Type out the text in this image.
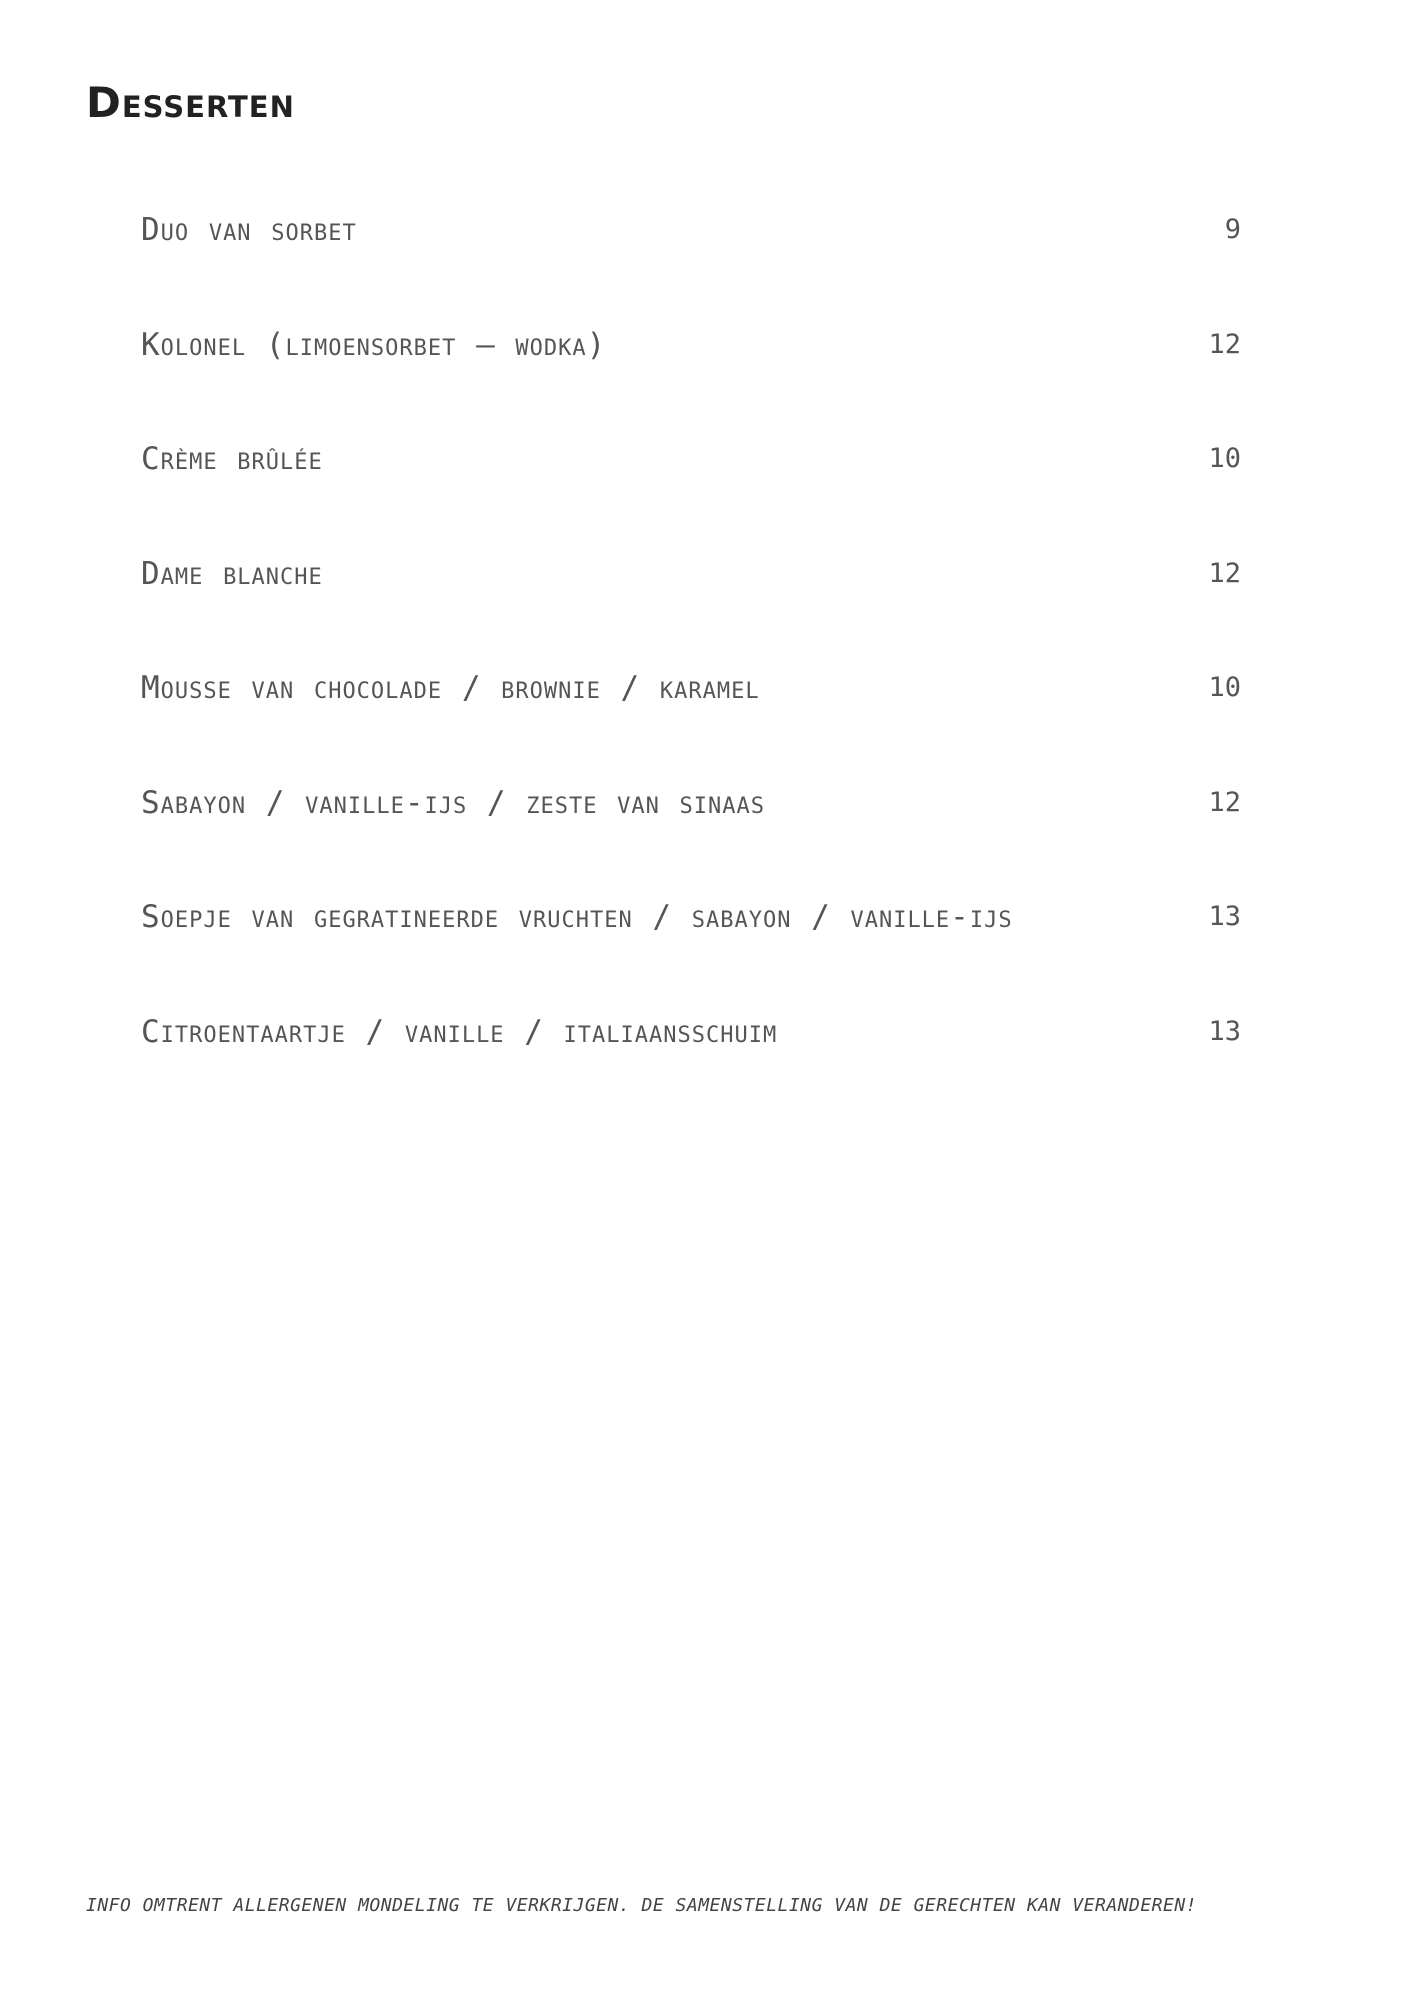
Desserten
Duo van sorbet	9
Kolonel (limoensorbet – wodka)	12
Crème brûlée	10
Dame blanche	12
Mousse van chocolade / brownie / karamel	10
Sabayon / vanille-ijs / zeste van sinaas	12
Soepje van gegratineerde vruchten / sabayon / vanille-ijs	13
Citroentaartje / vanille / italiaansschuim	13
INFO OMTRENT ALLERGENEN MONDELING TE VERKRIJGEN. DE SAMENSTELLING VAN DE GERECHTEN KAN VERANDEREN!
